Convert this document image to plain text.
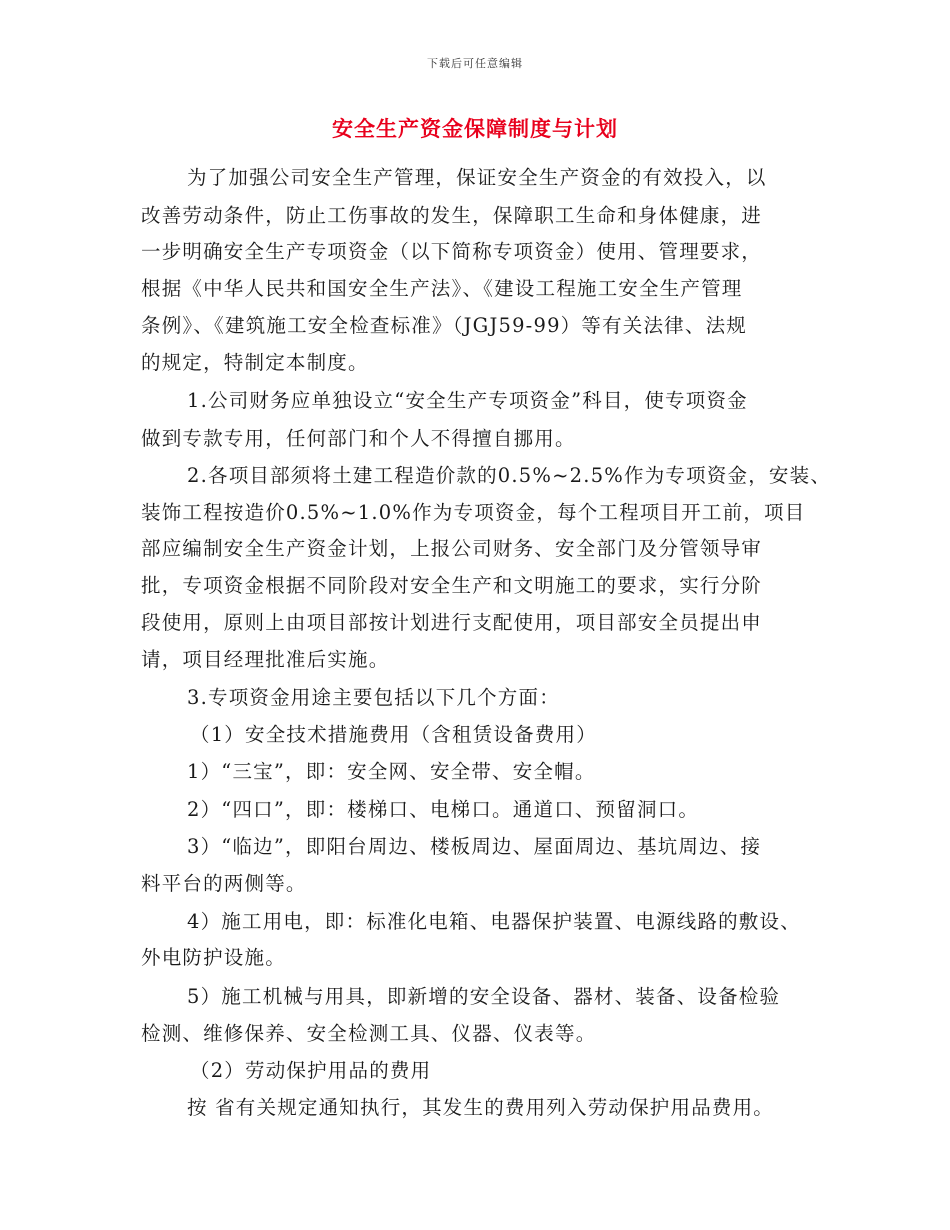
下载后可任意编辑
安全生产资金保障制度与计划
为了加强公司安全生产管理，保证安全生产资金的有效投入，以
改善劳动条件，防止工伤事故的发生，保障职工生命和身体健康，进
一步明确安全生产专项资金（以下简称专项资金）使用、管理要求，
根据《中华人民共和国安全生产法》、《建设工程施工安全生产管理
条例》、《建筑施工安全检查标准》（JGJ59-99）等有关法律、法规
的规定，特制定本制度。
1.公司财务应单独设立“安全生产专项资金”科目，使专项资金
做到专款专用，任何部门和个人不得擅自挪用。
2.各项目部须将土建工程造价款的0.5%~2.5%作为专项资金，安装、
装饰工程按造价0.5%~1.0%作为专项资金，每个工程项目开工前，项目
部应编制安全生产资金计划，上报公司财务、安全部门及分管领导审
批，专项资金根据不同阶段对安全生产和文明施工的要求，实行分阶
段使用，原则上由项目部按计划进行支配使用，项目部安全员提出申
请，项目经理批准后实施。
3.专项资金用途主要包括以下几个方面：
（1）安全技术措施费用（含租赁设备费用）
1）“三宝”，即：安全网、安全带、安全帽。
2）“四口”，即：楼梯口、电梯口。通道口、预留洞口。
3）“临边”，即阳台周边、楼板周边、屋面周边、基坑周边、接
料平台的两侧等。
4）施工用电，即：标准化电箱、电器保护装置、电源线路的敷设、
外电防护设施。
5）施工机械与用具，即新增的安全设备、器材、装备、设备检验
检测、维修保养、安全检测工具、仪器、仪表等。
（2）劳动保护用品的费用
按 省有关规定通知执行，其发生的费用列入劳动保护用品费用。
